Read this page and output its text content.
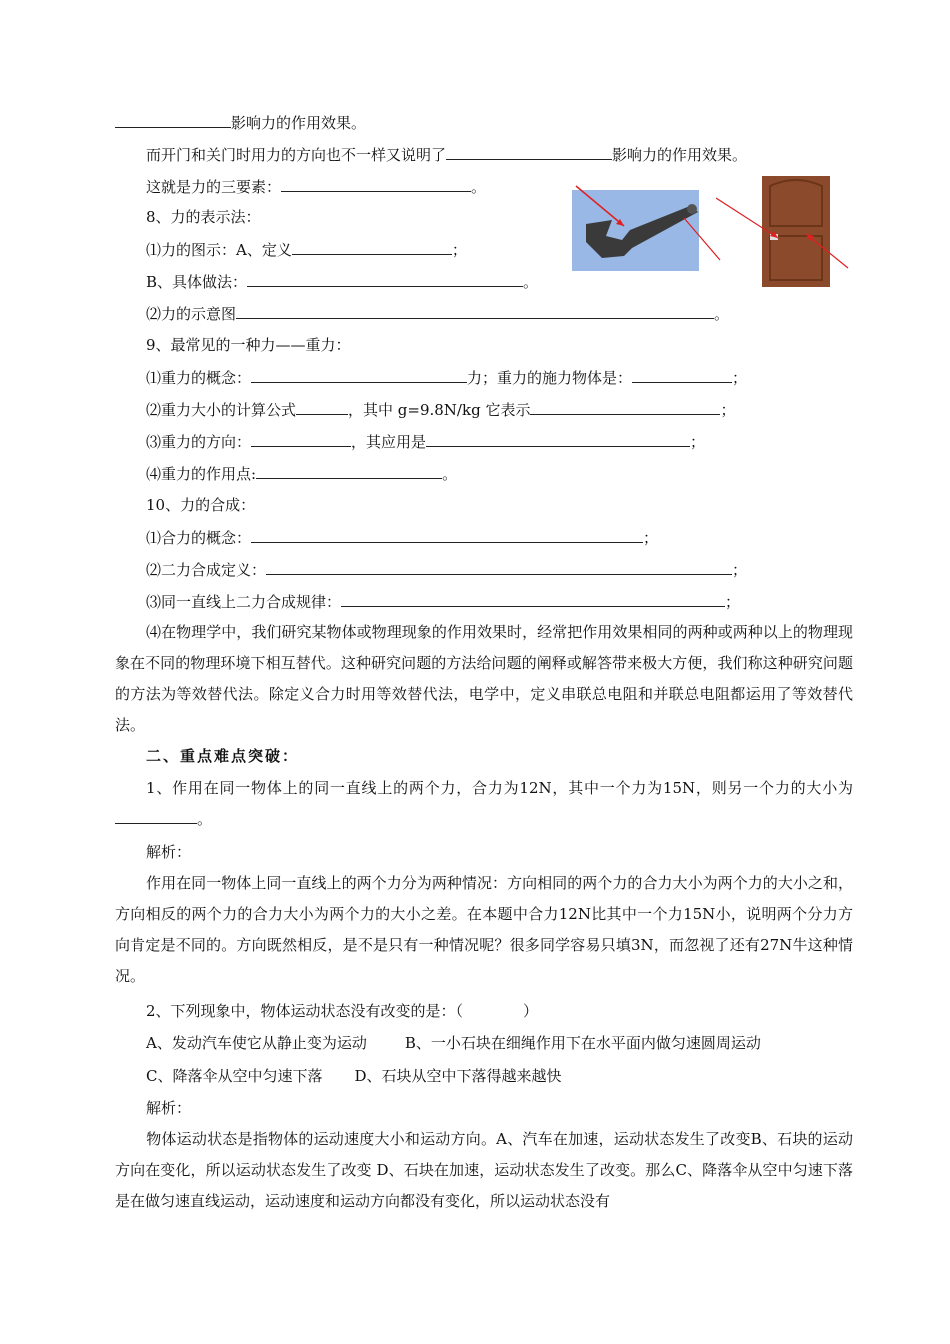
影响力的作用效果。
而开门和关门时用力的方向也不一样又说明了	影响力的作用效果。
这就是力的三要素：	。
8、力的表示法：
⑴力的图示：A、定义	；
B、具体做法：	。
⑵力的示意图	。
9、最常见的一种力——重力：
⑴重力的概念：	力；重力的施力物体是：	；
⑵重力大小的计算公式	，其中 g=9.8N/kg 它表示	；
⑶重力的方向：	，其应用是	；
⑷重力的作用点:	。
10、力的合成：
⑴合力的概念：	；
⑵二力合成定义：	；
⑶同一直线上二力合成规律：	；
⑷在物理学中，我们研究某物体或物理现象的作用效果时，经常把作用效果相同的两种或两种以上的物理现象在不同的物理环境下相互替代。这种研究问题的方法给问题的阐释或解答带来极大方便，我们称这种研究问题的方法为等效替代法。除定义合力时用等效替代法，电学中，定义串联总电阻和并联总电阻都运用了等效替代法。
二、重点难点突破：
1、作用在同一物体上的同一直线上的两个力，合力为12N，其中一个力为15N，则另一个力的大小为。
解析：
作用在同一物体上同一直线上的两个力分为两种情况：方向相同的两个力的合力大小为两个力的大小之和，方向相反的两个力的合力大小为两个力的大小之差。在本题中合力12N比其中一个力15N小，说明两个分力方向肯定是不同的。方向既然相反，是不是只有一种情况呢？很多同学容易只填3N，而忽视了还有27N牛这种情况。
2、下列现象中，物体运动状态没有改变的是：（　　　　）
A、发动汽车使它从静止变为运动	B、一小石块在细绳作用下在水平面内做匀速圆周运动
C、降落伞从空中匀速下落 D、石块从空中下落得越来越快
解析：
物体运动状态是指物体的运动速度大小和运动方向。A、汽车在加速，运动状态发生了改变B、石块的运动方向在变化，所以运动状态发生了改变 D、石块在加速，运动状态发生了改变。那么C、降落伞从空中匀速下落是在做匀速直线运动，运动速度和运动方向都没有变化，所以运动状态没有
